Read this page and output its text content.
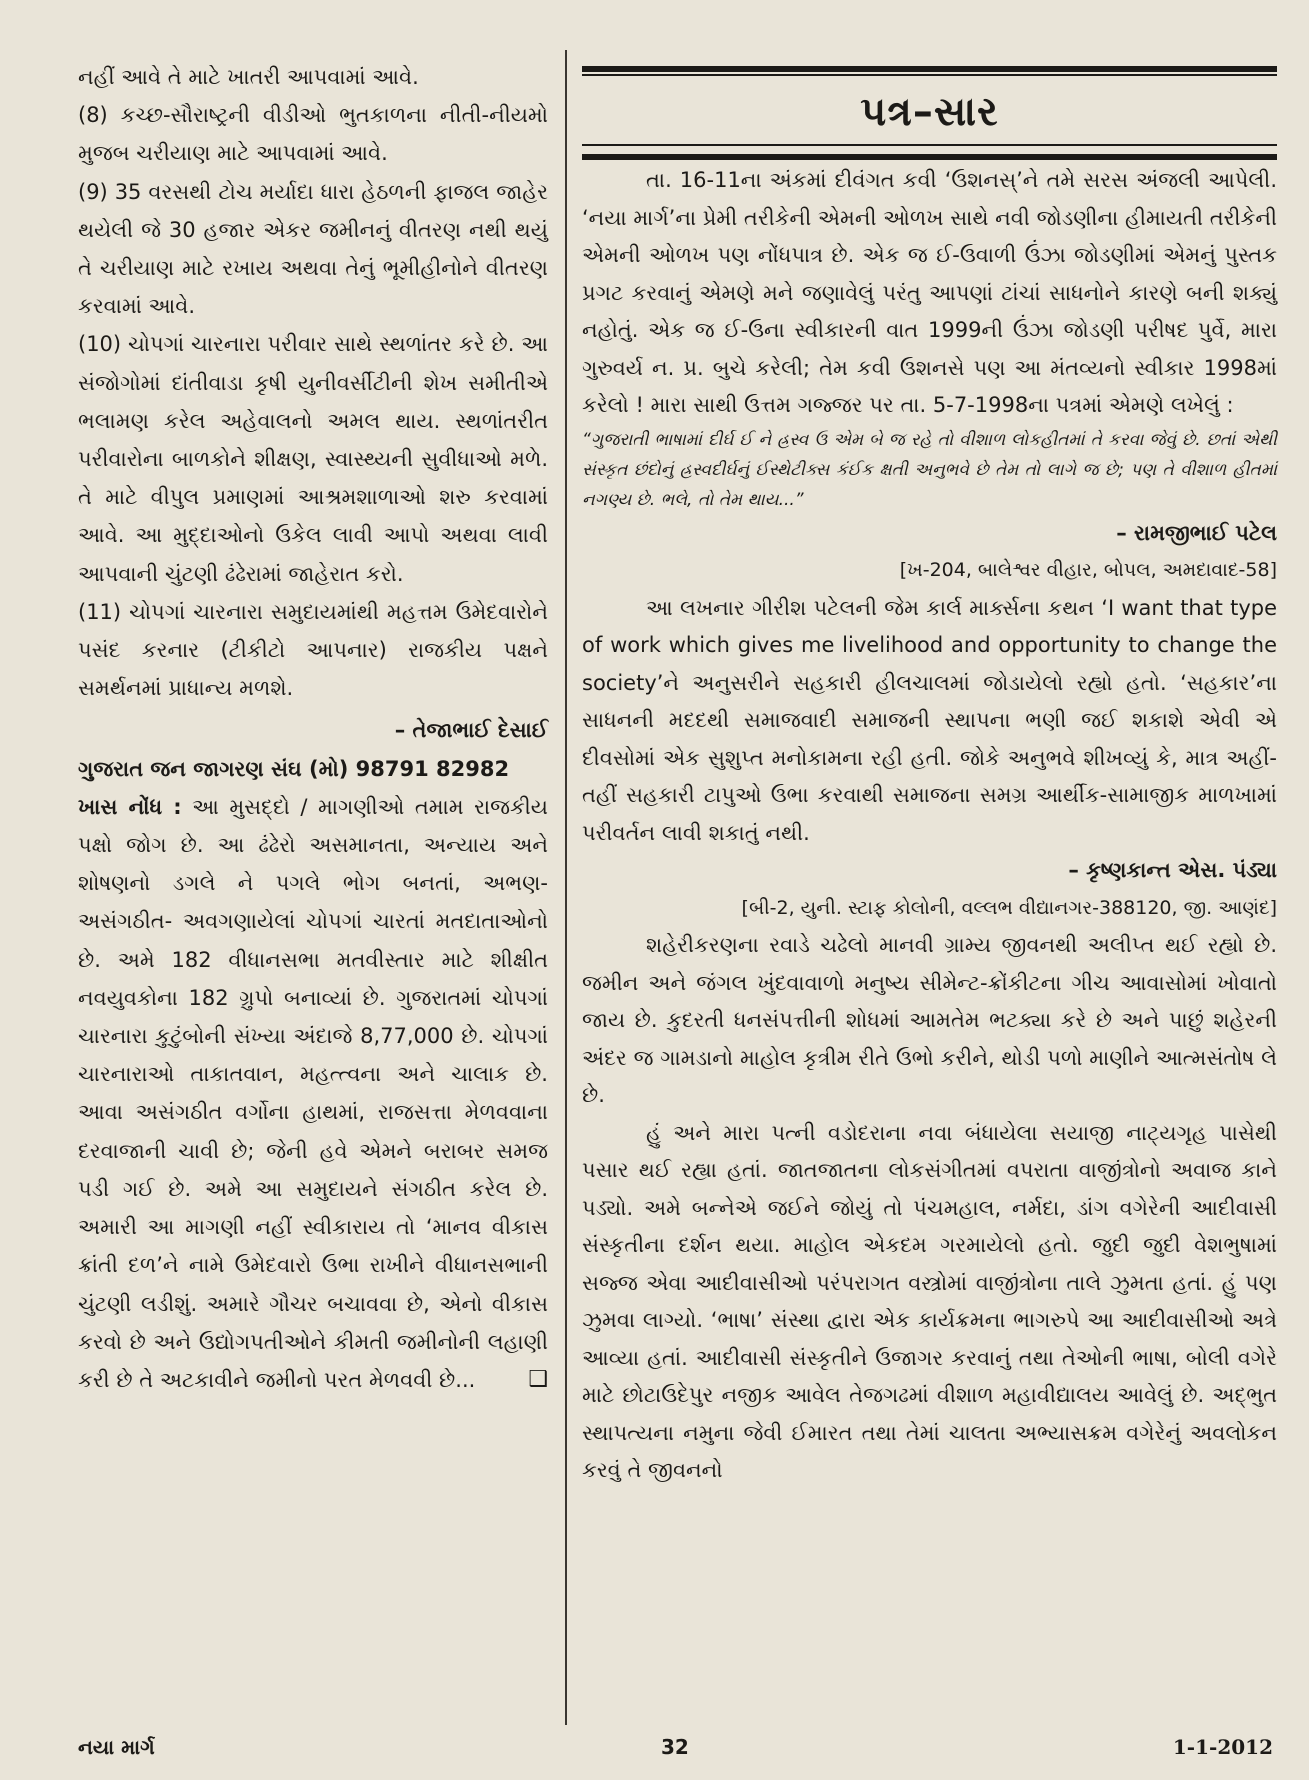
નહીં આવે તે માટે ખાતરી આપવામાં આવે.

(8) કચ્છ-સૌરાષ્ટ્રની વીડીઓ ભુતકાળના નીતી-નીયમો મુજબ ચરીયાણ માટે આપવામાં આવે.

(9) 35 વરસથી ટોચ મર્યાદા ધારા હેઠળની ફાજલ જાહેર થયેલી જે 30 હજાર એકર જમીનનું વીતરણ નથી થયું તે ચરીયાણ માટે રખાય અથવા તેનું ભૂમીહીનોને વીતરણ કરવામાં આવે.

(10) ચોપગાં ચારનારા પરીવાર સાથે સ્થળાંતર કરે છે. આ સંજોગોમાં દાંતીવાડા કૃષી યુનીવર્સીટીની શેખ સમીતીએ ભલામણ કરેલ અહેવાલનો અમલ થાય. સ્થળાંતરીત પરીવારોના બાળકોને શીક્ષણ, સ્વાસ્થ્યની સુવીધાઓ મળે. તે માટે વીપુલ પ્રમાણમાં આશ્રમશાળાઓ શરુ કરવામાં આવે. આ મુદ્દાઓનો ઉકેલ લાવી આપો અથવા લાવી આપવાની ચુંટણી ઢંઢેરામાં જાહેરાત કરો.

(11) ચોપગાં ચારનારા સમુદાયમાંથી મહત્તમ ઉમેદવારોને પસંદ કરનાર (ટીકીટો આપનાર) રાજકીય પક્ષને સમર્થનમાં પ્રાધાન્ય મળશે.

– તેજાભાઈ દેસાઈ

ગુજરાત જન જાગરણ સંઘ (મો) 98791 82982

ખાસ નોંધ : આ મુસદ્દો / માગણીઓ તમામ રાજકીય પક્ષો જોગ છે. આ ઢંઢેરો અસમાનતા, અન્યાય અને શોષણનો ડગલે ને પગલે ભોગ બનતાં, અભણ-અસંગઠીત- અવગણાયેલાં ચોપગાં ચારતાં મતદાતાઓનો છે. અમે 182 વીધાનસભા મતવીસ્તાર માટે શીક્ષીત નવયુવકોના 182 ગ્રુપો બનાવ્યાં છે. ગુજરાતમાં ચોપગાં ચારનારા કુટુંબોની સંખ્યા અંદાજે 8,77,000 છે. ચોપગાં ચારનારાઓ તાકાતવાન, મહત્ત્વના અને ચાલાક છે. આવા અસંગઠીત વર્ગોના હાથમાં, રાજસત્તા મેળવવાના દરવાજાની ચાવી છે; જેની હવે એમને બરાબર સમજ પડી ગઈ છે. અમે આ સમુદાયને સંગઠીત કરેલ છે. અમારી આ માગણી નહીં સ્વીકારાય તો ‘માનવ વીકાસ ક્રાંતી દળ’ને નામે ઉમેદવારો ઉભા રાખીને વીધાનસભાની ચુંટણી લડીશું. અમારે ગૌચર બચાવવા છે, એનો વીકાસ કરવો છે અને ઉદ્યોગપતીઓને કીમતી જમીનોની લહાણી કરી છે તે અટકાવીને જમીનો પરત મેળવવી છે... ❑

પત્ર–સાર

તા. 16-11ના અંકમાં દીવંગત કવી ‘ઉશનસ્’ને તમે સરસ અંજલી આપેલી. ‘નયા માર્ગ’ના પ્રેમી તરીકેની એમની ઓળખ સાથે નવી જોડણીના હીમાયતી તરીકેની એમની ઓળખ પણ નોંધપાત્ર છે. એક જ ઈ-ઉવાળી ઉંઝા જોડણીમાં એમનું પુસ્તક પ્રગટ કરવાનું એમણે મને જણાવેલું પરંતુ આપણાં ટાંચાં સાધનોને કારણે બની શક્યું નહોતું. એક જ ઈ-ઉના સ્વીકારની વાત 1999ની ઉંઝા જોડણી પરીષદ પુર્વે, મારા ગુરુવર્ય ન. પ્ર. બુચે કરેલી; તેમ કવી ઉશનસે પણ આ મંતવ્યનો સ્વીકાર 1998માં કરેલો ! મારા સાથી ઉત્તમ ગજ્જર પર તા. 5-7-1998ના પત્રમાં એમણે લખેલું :

“ગુજરાતી ભાષામાં દીર્ઘ ઈ ને હ્રસ્વ ઉ એમ બે જ રહે તો વીશાળ લોકહીતમાં તે કરવા જેવું છે. છતાં એથી સંસ્કૃત છંદોનું હ્રસ્વદીર્ઘનું ઈસ્થેટીક્સ કંઈક ક્ષતી અનુભવે છે તેમ તો લાગે જ છે; પણ તે વીશાળ હીતમાં નગણ્ય છે. ભલે, તો તેમ થાય...”

– રામજીભાઈ પટેલ

[ખ-204, બાલેશ્વર વીહાર, બોપલ, અમદાવાદ-58]

આ લખનાર ગીરીશ પટેલની જેમ કાર્લ માર્ક્સના કથન ‘I want that type of work which gives me livelihood and opportunity to change the society’ને અનુસરીને સહકારી હીલચાલમાં જોડાયેલો રહ્યો હતો. ‘સહકાર’ના સાધનની મદદથી સમાજવાદી સમાજની સ્થાપના ભણી જઈ શકાશે એવી એ દીવસોમાં એક સુશુપ્ત મનોકામના રહી હતી. જોકે અનુભવે શીખવ્યું કે, માત્ર અહીં-તહીં સહકારી ટાપુઓ ઉભા કરવાથી સમાજના સમગ્ર આર્થીક-સામાજીક માળખામાં પરીવર્તન લાવી શકાતું નથી.

– કૃષ્ણકાન્ત એસ. પંડ્યા

[બી-2, યુની. સ્ટાફ કોલોની, વલ્લભ વીદ્યાનગર-388120, જી. આણંદ]

શહેરીકરણના રવાડે ચઢેલો માનવી ગ્રામ્ય જીવનથી અલીપ્ત થઈ રહ્યો છે. જમીન અને જંગલ ખુંદવાવાળો મનુષ્ય સીમેન્ટ-ક્રોંકીટના ગીચ આવાસોમાં ખોવાતો જાય છે. કુદરતી ધનસંપત્તીની શોધમાં આમતેમ ભટક્યા કરે છે અને પાછું શહેરની અંદર જ ગામડાનો માહોલ કૃત્રીમ રીતે ઉભો કરીને, થોડી પળો માણીને આત્મસંતોષ લે છે.

હું અને મારા પત્ની વડોદરાના નવા બંધાયેલા સયાજી નાટ્યગૃહ પાસેથી પસાર થઈ રહ્યા હતાં. જાતજાતના લોકસંગીતમાં વપરાતા વાજીંત્રોનો અવાજ કાને પડ્યો. અમે બન્નેએ જઈને જોયું તો પંચમહાલ, નર્મદા, ડાંગ વગેરેની આદીવાસી સંસ્કૃતીના દર્શન થયા. માહોલ એકદમ ગરમાયેલો હતો. જુદી જુદી વેશભુષામાં સજ્જ એવા આદીવાસીઓ પરંપરાગત વસ્ત્રોમાં વાજીંત્રોના તાલે ઝુમતા હતાં. હું પણ ઝુમવા લાગ્યો. ‘ભાષા’ સંસ્થા દ્વારા એક કાર્યક્રમના ભાગરુપે આ આદીવાસીઓ અત્રે આવ્યા હતાં. આદીવાસી સંસ્કૃતીને ઉજાગર કરવાનું તથા તેઓની ભાષા, બોલી વગેરે માટે છોટાઉદેપુર નજીક આવેલ તેજગઢમાં વીશાળ મહાવીદ્યાલય આવેલું છે. અદ્ભુત સ્થાપત્યના નમુના જેવી ઈમારત તથા તેમાં ચાલતા અભ્યાસક્રમ વગેરેનું અવલોકન કરવું તે જીવનનો

નયા માર્ગ	32	1-1-2012
